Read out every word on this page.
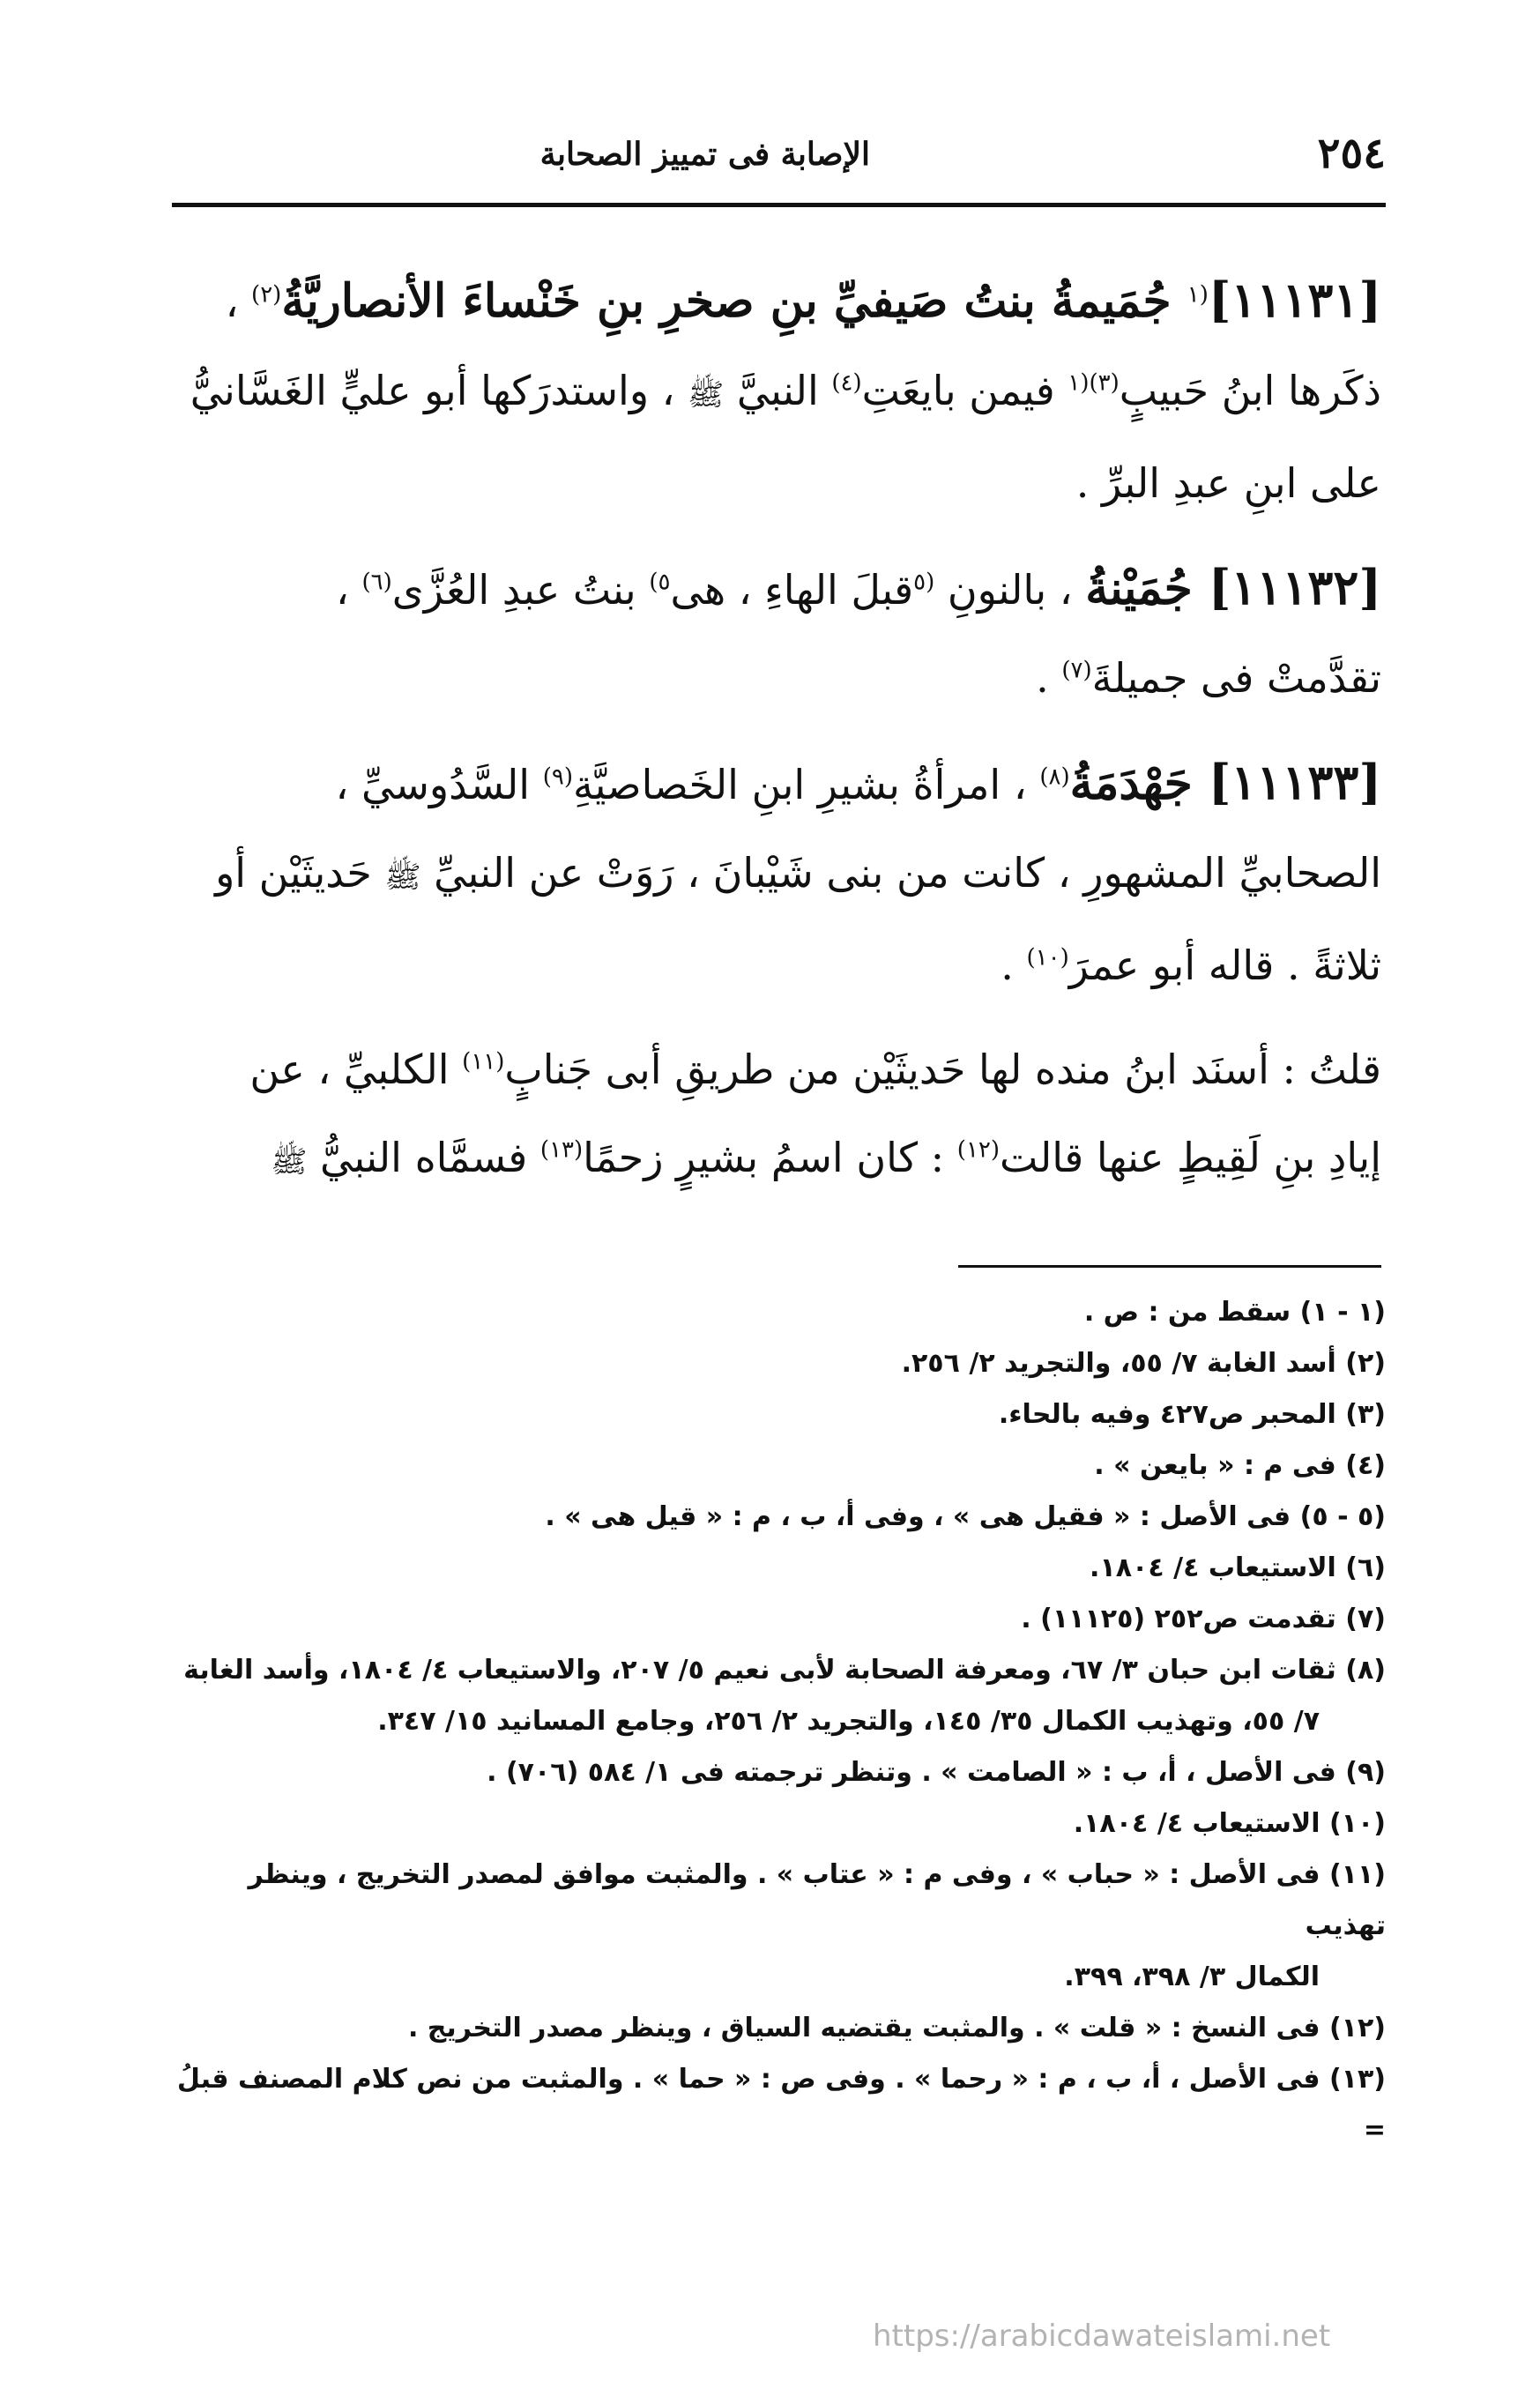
٢٥٤
الإصابة فى تمييز الصحابة
[١١١٣١]$^{(١}$ جُمَيمةُ بنتُ صَيفيِّ بنِ صخرِ بنِ خَنْساءَ الأنصاريَّةُ$^{(٢)}$ ،
ذكَرها ابنُ حَبيبٍ$^{(٣)(١}$ فيمن بايعَتِ$^{(٤)}$ النبيَّ ﷺ ، واستدرَكها أبو عليٍّ الغَسَّانيُّ
على ابنِ عبدِ البرِّ .
[١١١٣٢] جُمَيْنةُ ، بالنونِ $^{(٥}$قبلَ الهاءِ ، هى$^{٥)}$ بنتُ عبدِ العُزَّى$^{(٦)}$ ،
تقدَّمتْ فى جميلةَ$^{(٧)}$ .
[١١١٣٣] جَهْدَمَةُ$^{(٨)}$ ، امرأةُ بشيرِ ابنِ الخَصاصيَّةِ$^{(٩)}$ السَّدُوسيِّ ،
الصحابيِّ المشهورِ ، كانت من بنى شَيْبانَ ، رَوَتْ عن النبيِّ ﷺ حَديثَيْن أو
ثلاثةً . قاله أبو عمرَ$^{(١٠)}$ .
قلتُ : أسنَد ابنُ منده لها حَديثَيْن من طريقِ أبى جَنابٍ$^{(١١)}$ الكلبيِّ ، عن
إيادِ بنِ لَقِيطٍ عنها قالت$^{(١٢)}$ : كان اسمُ بشيرٍ زحمًا$^{(١٣)}$ فسمَّاه النبيُّ ﷺ
(١ - ١) سقط من : ص .
(٢) أسد الغابة ٧/ ٥٥، والتجريد ٢/ ٢٥٦.
(٣) المحبر ص٤٢٧ وفيه بالحاء.
(٤) فى م : « بايعن » .
(٥ - ٥) فى الأصل : « فقيل هى » ، وفى أ، ب ، م : « قيل هى » .
(٦) الاستيعاب ٤/ ١٨٠٤.
(٧) تقدمت ص٢٥٢ (١١١٢٥) .
(٨) ثقات ابن حبان ٣/ ٦٧، ومعرفة الصحابة لأبى نعيم ٥/ ٢٠٧، والاستيعاب ٤/ ١٨٠٤، وأسد الغابة
٧/ ٥٥، وتهذيب الكمال ٣٥/ ١٤٥، والتجريد ٢/ ٢٥٦، وجامع المسانيد ١٥/ ٣٤٧.
(٩) فى الأصل ، أ، ب : « الصامت » . وتنظر ترجمته فى ١/ ٥٨٤ (٧٠٦) .
(١٠) الاستيعاب ٤/ ١٨٠٤.
(١١) فى الأصل : « حباب » ، وفى م : « عتاب » . والمثبت موافق لمصدر التخريج ، وينظر تهذيب
الكمال ٣/ ٣٩٨، ٣٩٩.
(١٢) فى النسخ : « قلت » . والمثبت يقتضيه السياق ، وينظر مصدر التخريج .
(١٣) فى الأصل ، أ، ب ، م : « رحما » . وفى ص : « حما » . والمثبت من نص كلام المصنف قبلُ =
https://arabicdawateislami.net
